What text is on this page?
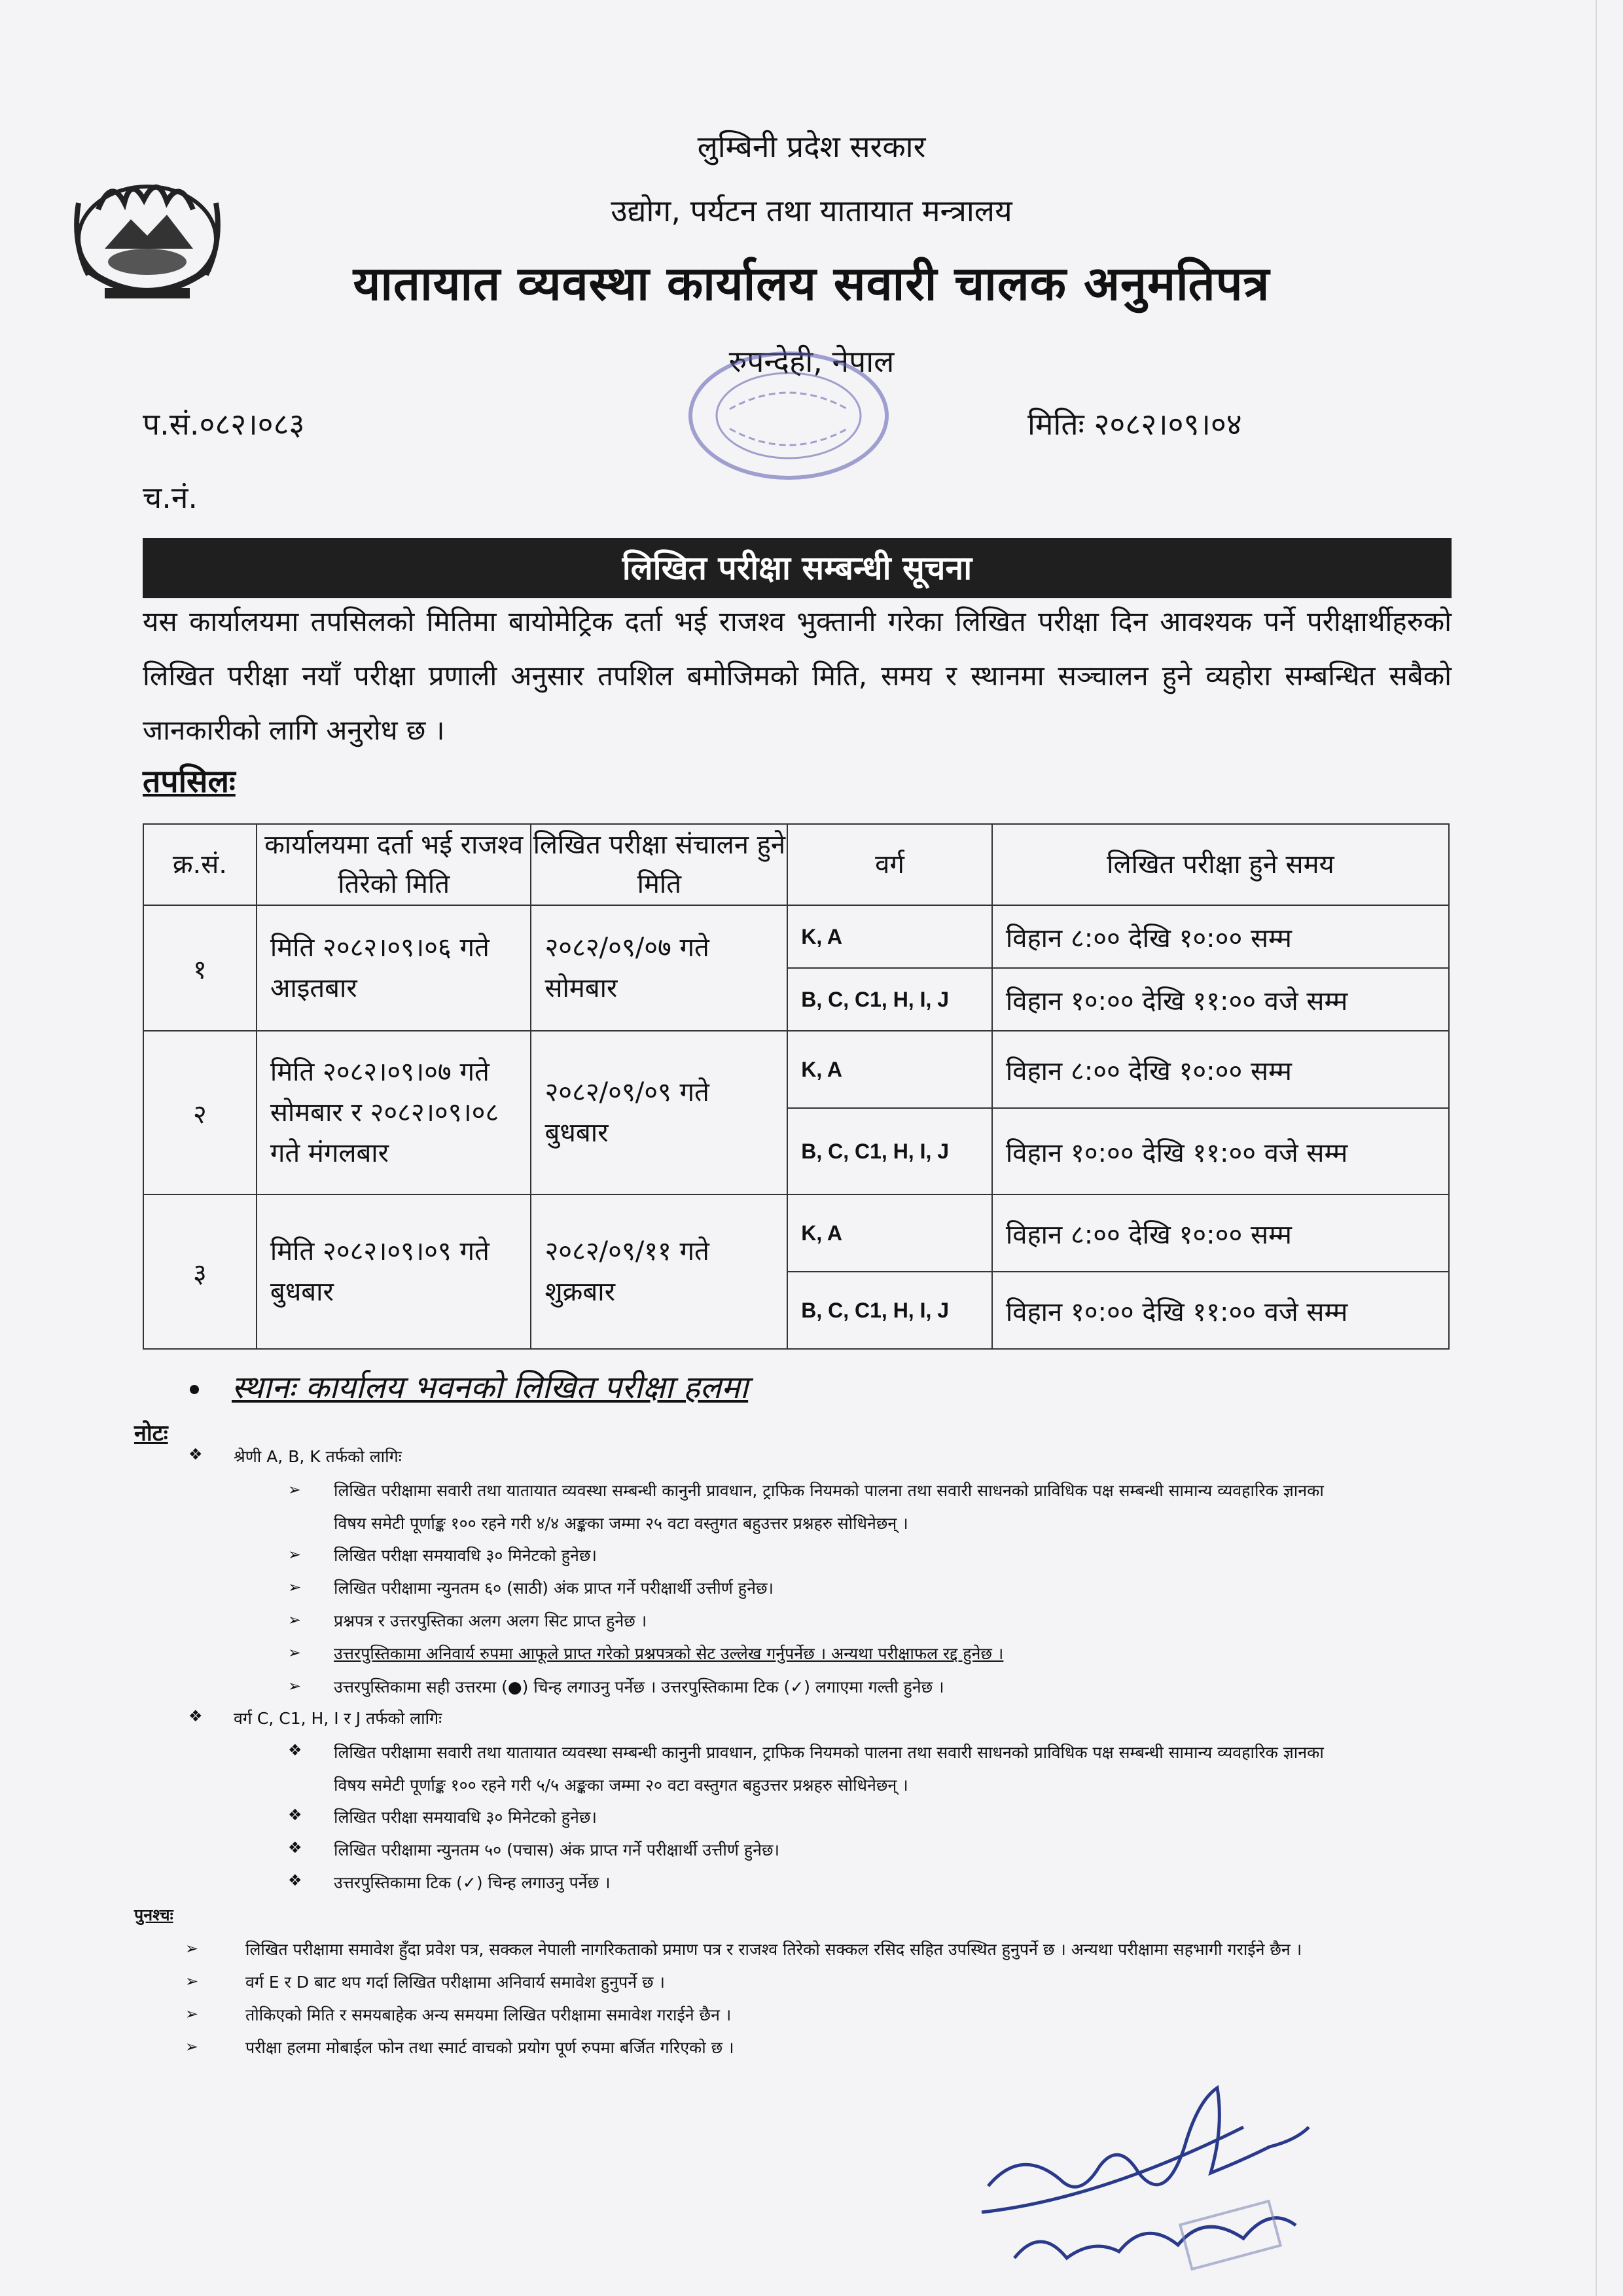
लुम्बिनी प्रदेश सरकार
उद्योग, पर्यटन तथा यातायात मन्त्रालय
यातायात व्यवस्था कार्यालय सवारी चालक अनुमतिपत्र
रुपन्देही, नेपाल
प.सं.०८२।०८३	मितिः २०८२।०९।०४
च.नं.
लिखित परीक्षा सम्बन्धी सूचना
यस कार्यालयमा तपसिलको मितिमा बायोमेट्रिक दर्ता भई राजश्व भुक्तानी गरेका लिखित परीक्षा दिन आवश्यक पर्ने परीक्षार्थीहरुको लिखित परीक्षा नयाँ परीक्षा प्रणाली अनुसार तपशिल बमोजिमको मिति, समय र स्थानमा सञ्चालन हुने व्यहोरा सम्बन्धित सबैको जानकारीको लागि अनुरोध छ ।
तपसिलः
क्र.सं.	कार्यालयमा दर्ता भई राजश्व तिरेको मिति	लिखित परीक्षा संचालन हुने मिति	वर्ग	लिखित परीक्षा हुने समय
१	मिति २०८२।०९।०६ गते आइतबार	२०८२/०९/०७ गते सोमबार	K, A	विहान ८:०० देखि १०:०० सम्म
			B, C, C1, H, I, J	विहान १०:०० देखि ११:०० वजे सम्म
२	मिति २०८२।०९।०७ गते सोमबार र २०८२।०९।०८ गते मंगलबार	२०८२/०९/०९ गते बुधबार	K, A	विहान ८:०० देखि १०:०० सम्म
			B, C, C1, H, I, J	विहान १०:०० देखि ११:०० वजे सम्म
३	मिति २०८२।०९।०९ गते बुधबार	२०८२/०९/११ गते शुक्रबार	K, A	विहान ८:०० देखि १०:०० सम्म
			B, C, C1, H, I, J	विहान १०:०० देखि ११:०० वजे सम्म
स्थानः कार्यालय भवनको लिखित परीक्षा हलमा
नोटः
❖ श्रेणी A, B, K तर्फको लागिः
➢ लिखित परीक्षामा सवारी तथा यातायात व्यवस्था सम्बन्धी कानुनी प्रावधान, ट्राफिक नियमको पालना तथा सवारी साधनको प्राविधिक पक्ष सम्बन्धी सामान्य व्यवहारिक ज्ञानका
विषय समेटी पूर्णाङ्क १०० रहने गरी ४/४ अङ्कका जम्मा २५ वटा वस्तुगत बहुउत्तर प्रश्नहरु सोधिनेछन् ।
➢ लिखित परीक्षा समयावधि ३० मिनेटको हुनेछ।
➢ लिखित परीक्षामा न्युनतम ६० (साठी) अंक प्राप्त गर्ने परीक्षार्थी उत्तीर्ण हुनेछ।
➢ प्रश्नपत्र र उत्तरपुस्तिका अलग अलग सिट प्राप्त हुनेछ ।
➢ उत्तरपुस्तिकामा अनिवार्य रुपमा आफूले प्राप्त गरेको प्रश्नपत्रको सेट उल्लेख गर्नुपर्नेछ । अन्यथा परीक्षाफल रद्द हुनेछ ।
➢ उत्तरपुस्तिकामा सही उत्तरमा (●) चिन्ह लगाउनु पर्नेछ । उत्तरपुस्तिकामा टिक (✓) लगाएमा गल्ती हुनेछ ।
❖ वर्ग C, C1, H, I र J तर्फको लागिः
❖ लिखित परीक्षामा सवारी तथा यातायात व्यवस्था सम्बन्धी कानुनी प्रावधान, ट्राफिक नियमको पालना तथा सवारी साधनको प्राविधिक पक्ष सम्बन्धी सामान्य व्यवहारिक ज्ञानका
विषय समेटी पूर्णाङ्क १०० रहने गरी ५/५ अङ्कका जम्मा २० वटा वस्तुगत बहुउत्तर प्रश्नहरु सोधिनेछन् ।
❖ लिखित परीक्षा समयावधि ३० मिनेटको हुनेछ।
❖ लिखित परीक्षामा न्युनतम ५० (पचास) अंक प्राप्त गर्ने परीक्षार्थी उत्तीर्ण हुनेछ।
❖ उत्तरपुस्तिकामा टिक (✓) चिन्ह लगाउनु पर्नेछ ।
पुनश्चः
➢	लिखित परीक्षामा समावेश हुँदा प्रवेश पत्र, सक्कल नेपाली नागरिकताको प्रमाण पत्र र राजश्व तिरेको सक्कल रसिद सहित उपस्थित हुनुपर्ने छ । अन्यथा परीक्षामा सहभागी गराईने छैन ।
➢	वर्ग E र D बाट थप गर्दा लिखित परीक्षामा अनिवार्य समावेश हुनुपर्ने छ ।
➢	तोकिएको मिति र समयबाहेक अन्य समयमा लिखित परीक्षामा समावेश गराईने छैन ।
➢	परीक्षा हलमा मोबाईल फोन तथा स्मार्ट वाचको प्रयोग पूर्ण रुपमा बर्जित गरिएको छ ।
